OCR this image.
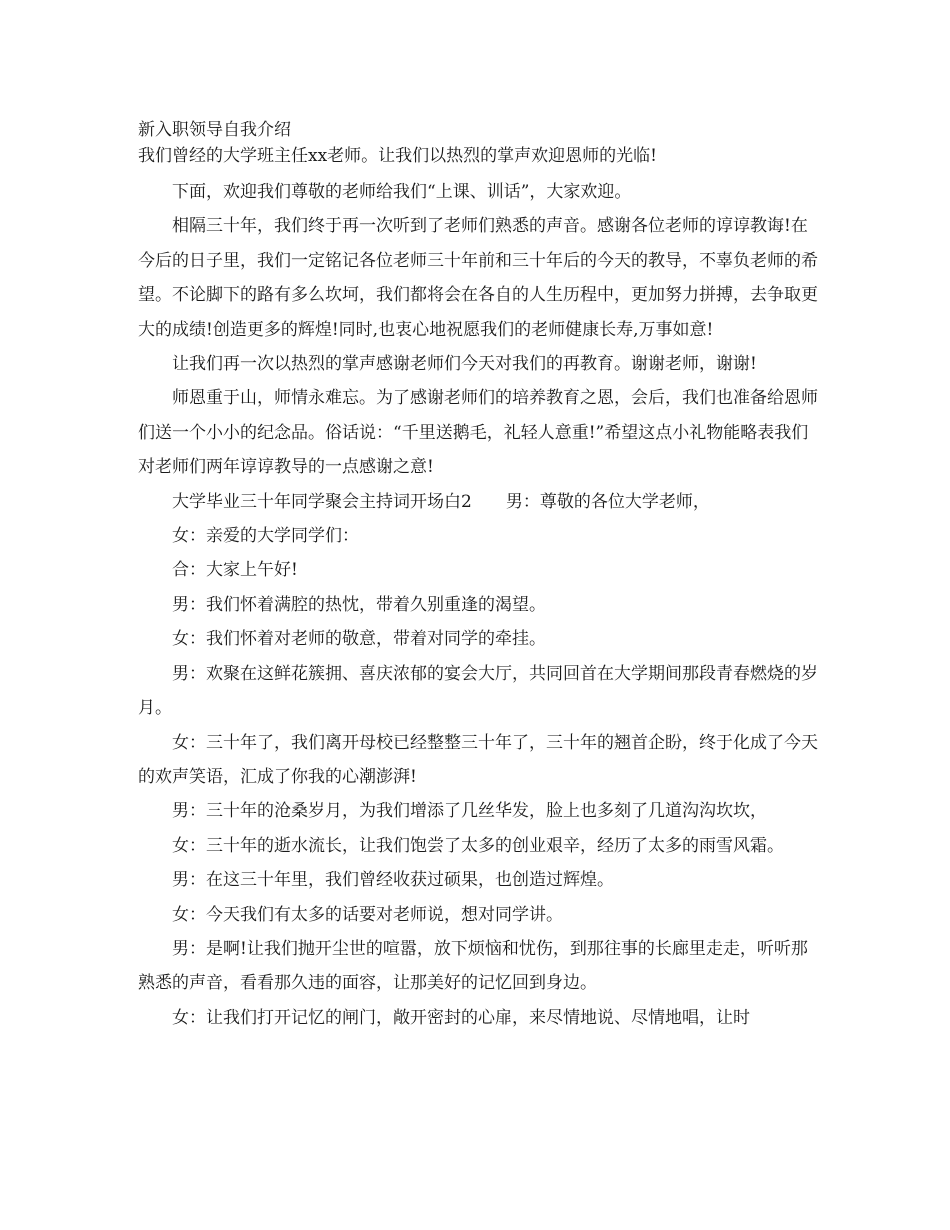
新入职领导自我介绍

我们曾经的大学班主任xx老师。让我们以热烈的掌声欢迎恩师的光临!

下面，欢迎我们尊敬的老师给我们“上课、训话”，大家欢迎。

相隔三十年，我们终于再一次听到了老师们熟悉的声音。感谢各位老师的谆谆教诲!在今后的日子里，我们一定铭记各位老师三十年前和三十年后的今天的教导，不辜负老师的希望。不论脚下的路有多么坎坷，我们都将会在各自的人生历程中，更加努力拼搏，去争取更大的成绩!创造更多的辉煌!同时,也衷心地祝愿我们的老师健康长寿,万事如意!

让我们再一次以热烈的掌声感谢老师们今天对我们的再教育。谢谢老师，谢谢!

师恩重于山，师情永难忘。为了感谢老师们的培养教育之恩，会后，我们也准备给恩师们送一个小小的纪念品。俗话说：“千里送鹅毛，礼轻人意重!”希望这点小礼物能略表我们对老师们两年谆谆教导的一点感谢之意!

大学毕业三十年同学聚会主持词开场白2 男：尊敬的各位大学老师，

女：亲爱的大学同学们：

合：大家上午好!

男：我们怀着满腔的热忱，带着久别重逢的渴望。

女：我们怀着对老师的敬意，带着对同学的牵挂。

男：欢聚在这鲜花簇拥、喜庆浓郁的宴会大厅，共同回首在大学期间那段青春燃烧的岁月。

女：三十年了，我们离开母校已经整整三十年了，三十年的翘首企盼，终于化成了今天的欢声笑语，汇成了你我的心潮澎湃!

男：三十年的沧桑岁月，为我们增添了几丝华发，脸上也多刻了几道沟沟坎坎，

女：三十年的逝水流长，让我们饱尝了太多的创业艰辛，经历了太多的雨雪风霜。

男：在这三十年里，我们曾经收获过硕果，也创造过辉煌。

女：今天我们有太多的话要对老师说，想对同学讲。

男：是啊!让我们抛开尘世的喧嚣，放下烦恼和忧伤，到那往事的长廊里走走，听听那熟悉的声音，看看那久违的面容，让那美好的记忆回到身边。

女：让我们打开记忆的闸门，敞开密封的心扉，来尽情地说、尽情地唱，让时
